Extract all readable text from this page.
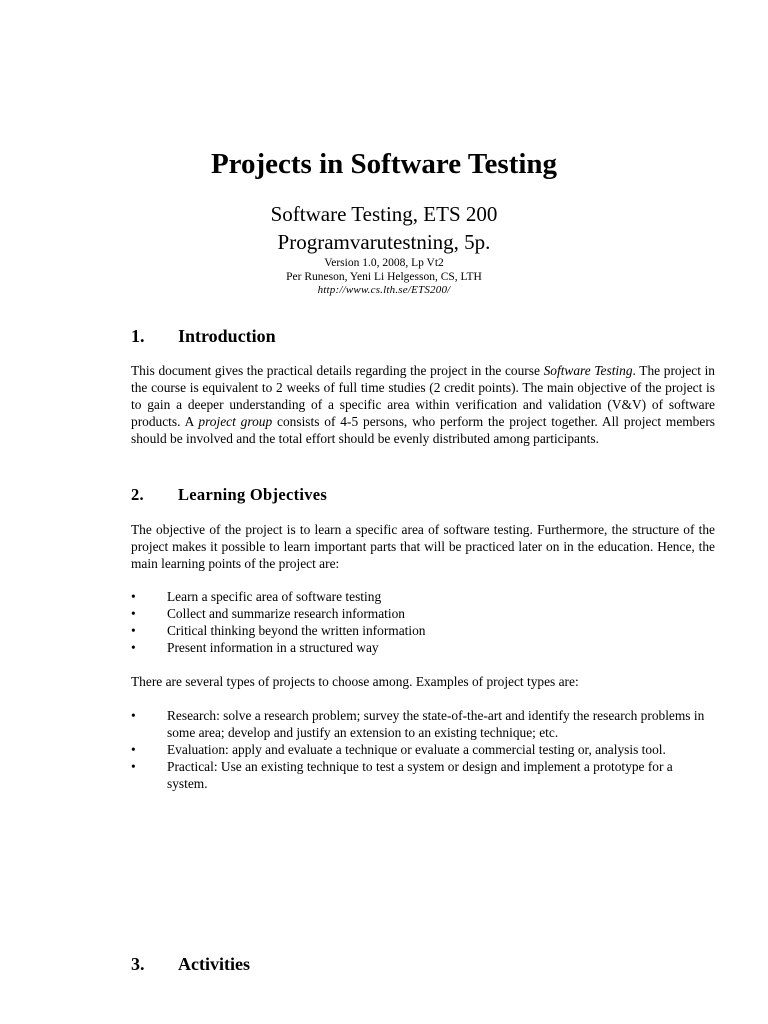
Projects in Software Testing

Software Testing, ETS 200

Programvarutestning, 5p.

Version 1.0, 2008, Lp Vt2

Per Runeson, Yeni Li Helgesson, CS, LTH

http://www.cs.lth.se/ETS200/

1. Introduction

This document gives the practical details regarding the project in the course Software Testing. The project in the course is equivalent to 2 weeks of full time studies (2 credit points). The main objective of the project is to gain a deeper understanding of a specific area within verification and validation (V&V) of software products. A project group consists of 4-5 persons, who perform the project together. All project members should be involved and the total effort should be evenly distributed among participants.

2. Learning Objectives

The objective of the project is to learn a specific area of software testing. Furthermore, the structure of the project makes it possible to learn important parts that will be practiced later on in the education. Hence, the main learning points of the project are:

•	Learn a specific area of software testing
•	Collect and summarize research information
•	Critical thinking beyond the written information
•	Present information in a structured way

There are several types of projects to choose among. Examples of project types are:

•	Research: solve a research problem; survey the state-of-the-art and identify the research problems in some area; develop and justify an extension to an existing technique; etc.
•	Evaluation: apply and evaluate a technique or evaluate a commercial testing or, analysis tool.
•	Practical: Use an existing technique to test a system or design and implement a prototype for a system.
3. Activities
